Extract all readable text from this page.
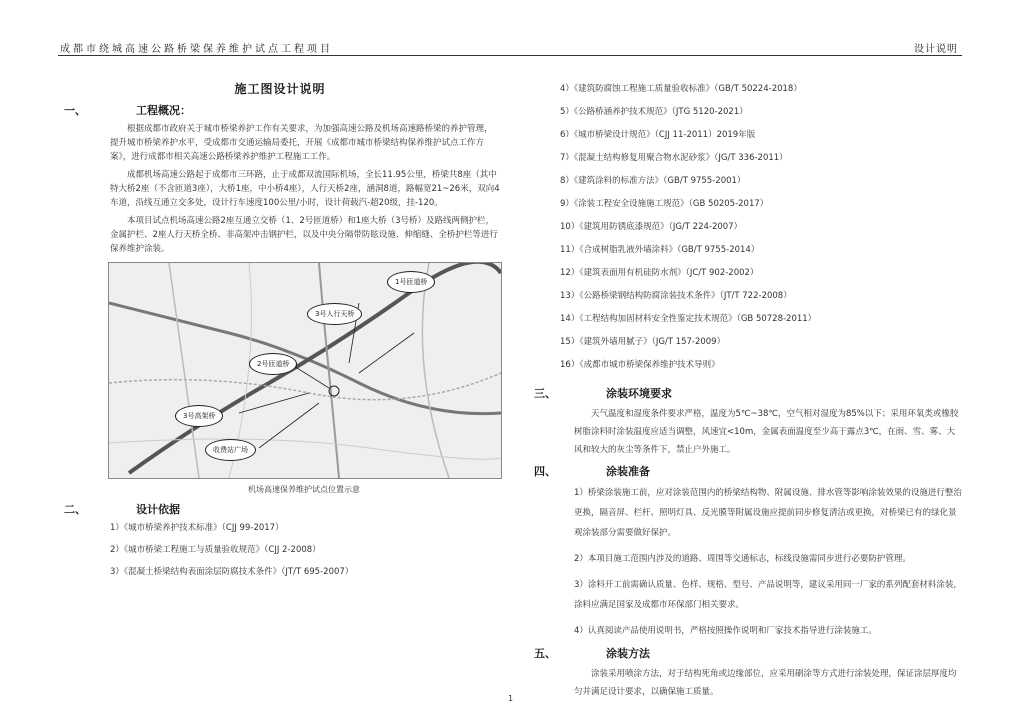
成都市绕城高速公路桥梁保养维护试点工程项目	设计说明
施工图设计说明
一、	工程概况：

根据成都市政府关于城市桥梁养护工作有关要求，为加强高速公路及机场高速路桥梁的养护管理，提升城市桥梁养护水平，受成都市交通运输局委托，开展《成都市城市桥梁结构保养维护试点工作方案》，进行成都市相关高速公路桥梁养护维护工程施工工作。

成都机场高速公路起于成都市三环路，止于成都双流国际机场，全长11.95公里，桥梁共8座（其中特大桥2座（不含匝道3座），大桥1座，中小桥4座），人行天桥2座，涵洞8道，路幅宽21~26米，双向4车道，沿线互通立交多处，设计行车速度100公里/小时，设计荷载汽-超20级，挂-120。

本项目试点机场高速公路2座互通立交桥（1、2号匝道桥）和1座大桥（3号桥）及路线两侧护栏，金属护栏、2座人行天桥全桥、非高架冲击钢护栏，以及中央分隔带防眩设施、伸缩缝、全桥护栏等进行保养维护涂装。

1号匝道桥
3号人行天桥
2号匝道桥
3号高架桥
收费站广场
机场高速保养维护试点位置示意
二、	设计依据
1）《城市桥梁养护技术标准》（CJJ 99-2017）
2）《城市桥梁工程施工与质量验收规范》（CJJ 2-2008）
3）《混凝土桥梁结构表面涂层防腐技术条件》（JT/T 695-2007）
4）《建筑防腐蚀工程施工质量验收标准》（GB/T 50224-2018）
5）《公路桥涵养护技术规范》（JTG 5120-2021）
6）《城市桥梁设计规范》（CJJ 11-2011）2019年版
7）《混凝土结构修复用聚合物水泥砂浆》（JG/T 336-2011）
8）《建筑涂料的标准方法》（GB/T 9755-2001）
9）《涂装工程安全设施施工规范》（GB 50205-2017）
10）《建筑用防锈底漆规范》（JG/T 224-2007）
11）《合成树脂乳液外墙涂料》（GB/T 9755-2014）
12）《建筑表面用有机硅防水剂》（JC/T 902-2002）
13）《公路桥梁钢结构防腐涂装技术条件》（JT/T 722-2008）
14）《工程结构加固材料安全性鉴定技术规范》（GB 50728-2011）
15）《建筑外墙用腻子》（JG/T 157-2009）
16）《成都市城市桥梁保养维护技术导则》
三、	涂装环境要求

天气温度和湿度条件要求严格，温度为5℃~38℃，空气相对湿度为85%以下；采用环氧类或橡胶树脂涂料时涂装温度应适当调整，风速宜<10m，金属表面温度至少高于露点3℃，在雨、雪、雾、大风和较大的灰尘等条件下，禁止户外施工。

四、	涂装准备
1）桥梁涂装施工前，应对涂装范围内的桥梁结构物、附属设施、排水管等影响涂装效果的设施进行整治更换，隔音屏、栏杆、照明灯具、反光膜等附属设施应提前同步修复清洁或更换，对桥梁已有的绿化景观涂装部分需要做好保护。
2）本项目施工范围内涉及的道路、周围等交通标志，标线设施需同步进行必要防护管理。
3）涂料开工前需确认质量、色样、规格、型号、产品说明等，建议采用同一厂家的系列配套材料涂装，涂料应满足国家及成都市环保部门相关要求。
4）认真阅读产品使用说明书，严格按照操作说明和厂家技术指导进行涂装施工。
五、	涂装方法

涂装采用喷涂方法，对于结构死角或边缘部位，应采用刷涂等方式进行涂装处理，保证涂层厚度均匀并满足设计要求，以确保施工质量。

1
